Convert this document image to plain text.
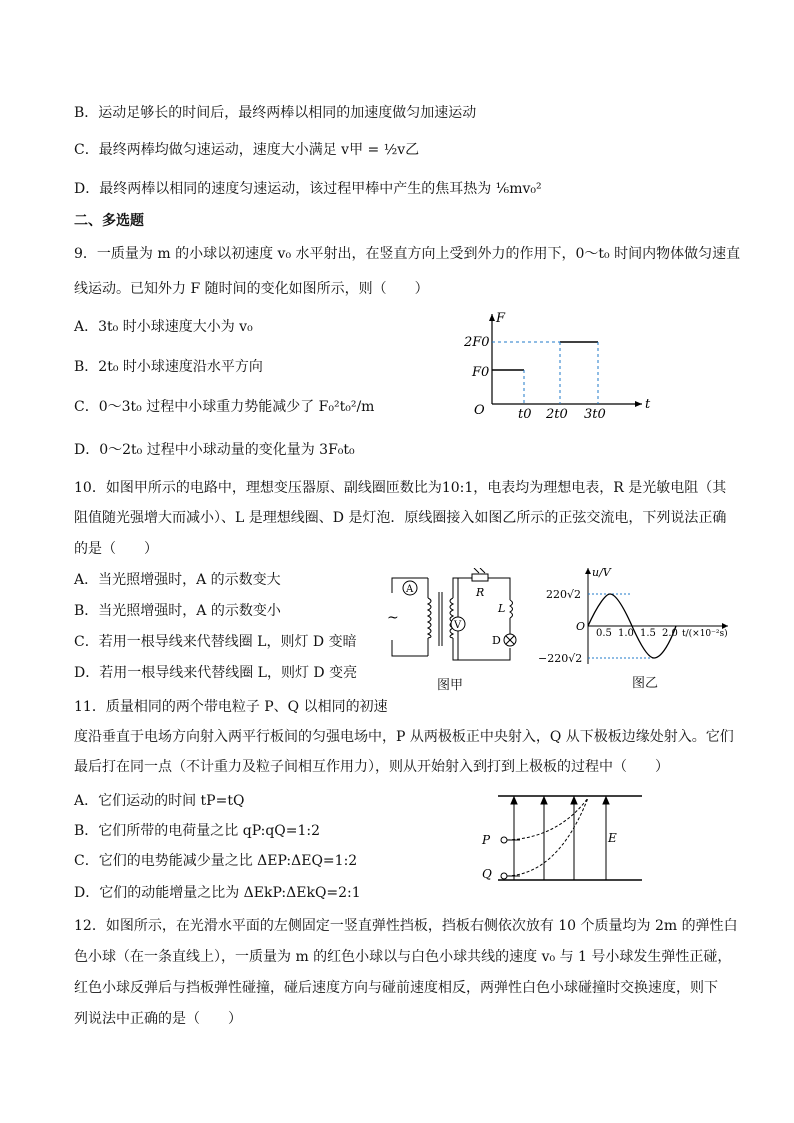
B．运动足够长的时间后，最终两棒以相同的加速度做匀加速运动
C．最终两棒均做匀速运动，速度大小满足 v甲 = ½v乙
D．最终两棒以相同的速度匀速运动，该过程甲棒中产生的焦耳热为 ⅙mv₀²
二、多选题
9．一质量为 m 的小球以初速度 v₀ 水平射出，在竖直方向上受到外力的作用下，0～t₀ 时间内物体做匀速直
线运动。已知外力 F 随时间的变化如图所示，则（　　）
A．3t₀ 时小球速度大小为 v₀
B．2t₀ 时小球速度沿水平方向
C．0～3t₀ 过程中小球重力势能减少了 F₀²t₀²/m
D．0～2t₀ 过程中小球动量的变化量为 3F₀t₀
10．如图甲所示的电路中，理想变压器原、副线圈匝数比为10:1，电表均为理想电表，R 是光敏电阻（其
阻值随光强增大而减小）、L 是理想线圈、D 是灯泡．原线圈接入如图乙所示的正弦交流电，下列说法正确
的是（　　）
A．当光照增强时，A 的示数变大
B．当光照增强时，A 的示数变小
C．若用一根导线来代替线圈 L，则灯 D 变暗
D．若用一根导线来代替线圈 L，则灯 D 变亮
11．质量相同的两个带电粒子 P、Q 以相同的初速
度沿垂直于电场方向射入两平行板间的匀强电场中，P 从两极板正中央射入，Q 从下极板边缘处射入。它们
最后打在同一点（不计重力及粒子间相互作用力），则从开始射入到打到上极板的过程中（　　）
A．它们运动的时间 tP=tQ
B．它们所带的电荷量之比 qP:qQ=1:2
C．它们的电势能减少量之比 ΔEP:ΔEQ=1:2
D．它们的动能增量之比为 ΔEkP:ΔEkQ=2:1
12．如图所示，在光滑水平面的左侧固定一竖直弹性挡板，挡板右侧依次放有 10 个质量均为 2m 的弹性白
色小球（在一条直线上），一质量为 m 的红色小球以与白色小球共线的速度 v₀ 与 1 号小球发生弹性正碰，
红色小球反弹后与挡板弹性碰撞，碰后速度方向与碰前速度相反，两弹性白色小球碰撞时交换速度，则下
列说法中正确的是（　　）
F
t
O
2F0
F0
t0 2t0 3t0
~
A
V
R
L
D
图甲
u/V
220√2
−220√2
O
0.5 1.0 1.5 2.0 t/(×10⁻²s)
图乙
P
Q
E
